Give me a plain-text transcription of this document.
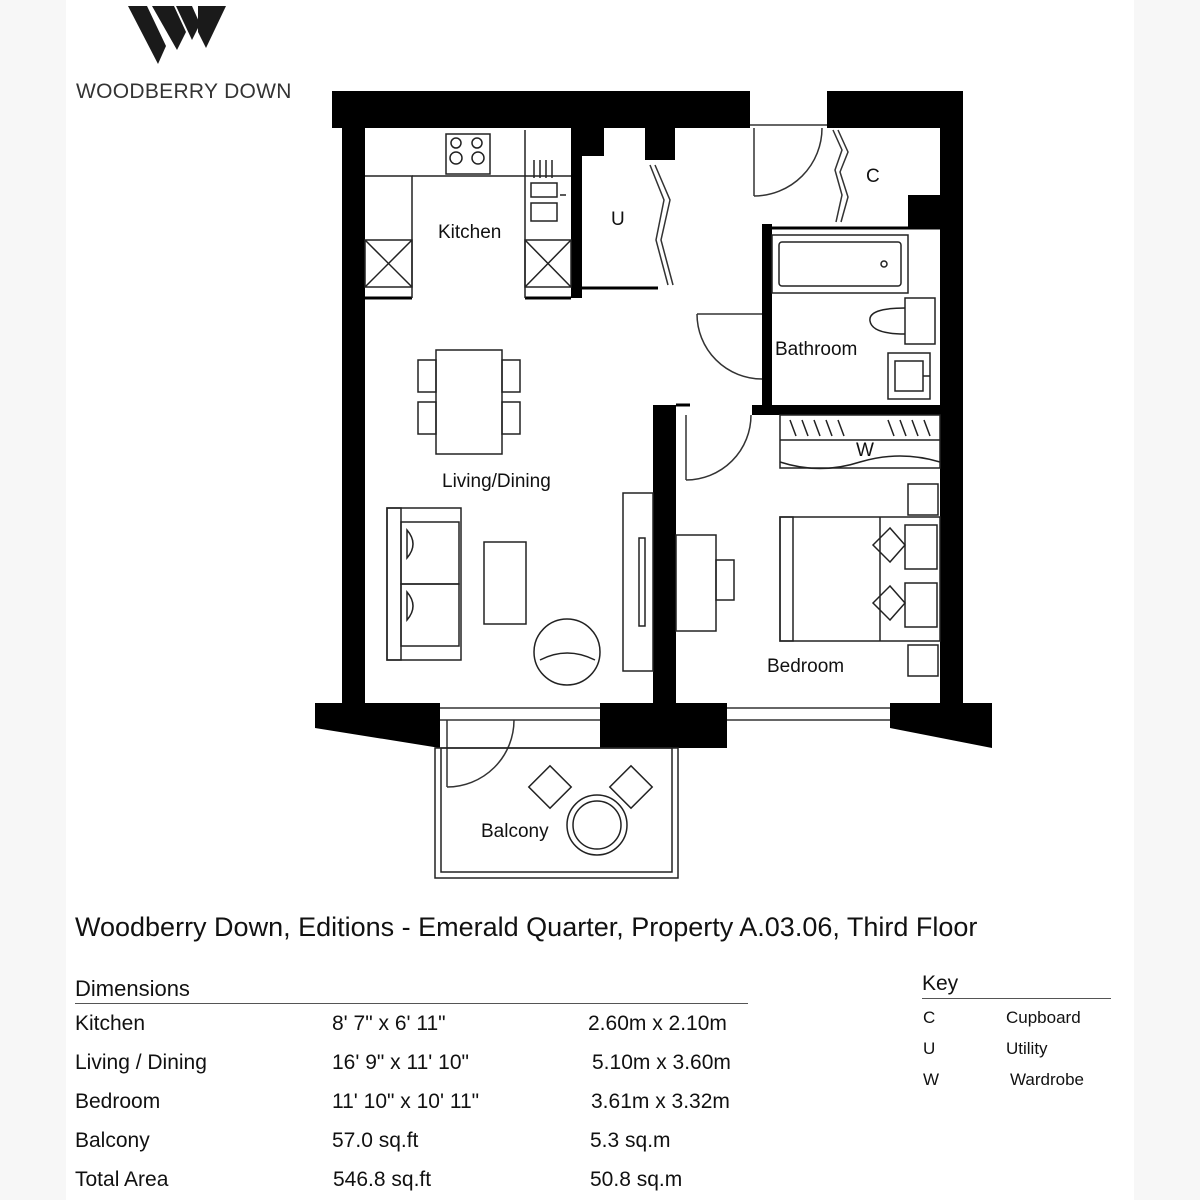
WOODBERRY DOWN
Kitchen
U
C
Bathroom
W
Living/Dining
Bedroom
Balcony
Woodberry Down, Editions - Emerald Quarter, Property A.03.06, Third Floor
Dimensions
Kitchen	8' 7" x 6' 11"	2.60m x 2.10m
Living / Dining	16' 9" x 11' 10"	5.10m x 3.60m
Bedroom	11' 10" x 10' 11"	3.61m x 3.32m
Balcony	57.0 sq.ft	5.3 sq.m
Total Area	546.8 sq.ft	50.8 sq.m
Key
C	Cupboard
U	Utility
W	Wardrobe
